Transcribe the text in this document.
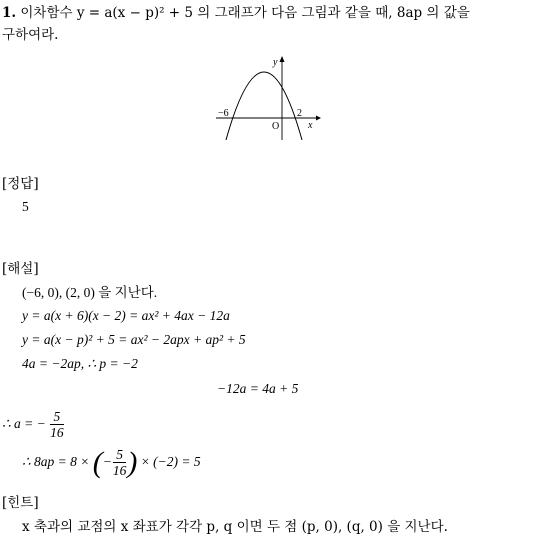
1. 이차함수 y = a(x − p)² + 5 의 그래프가 다음 그림과 같을 때, 8ap 의 값을
구하여라.
y
x
O
−6	2
[정답]
5
[해설]
(−6, 0), (2, 0) 을 지난다.
y = a(x + 6)(x − 2) = ax² + 4ax − 12a
y = a(x − p)² + 5 = ax² − 2apx + ap² + 5
4a = −2ap, ∴ p = −2
−12a = 4a + 5
∴ a = − $\frac{5}{16}$
∴ 8ap = 8 × (− $\frac{5}{16}$ ) × (−2) = 5
[힌트]
x 축과의 교점의 x 좌표가 각각 p, q 이면 두 점 (p, 0), (q, 0) 을 지난다.
